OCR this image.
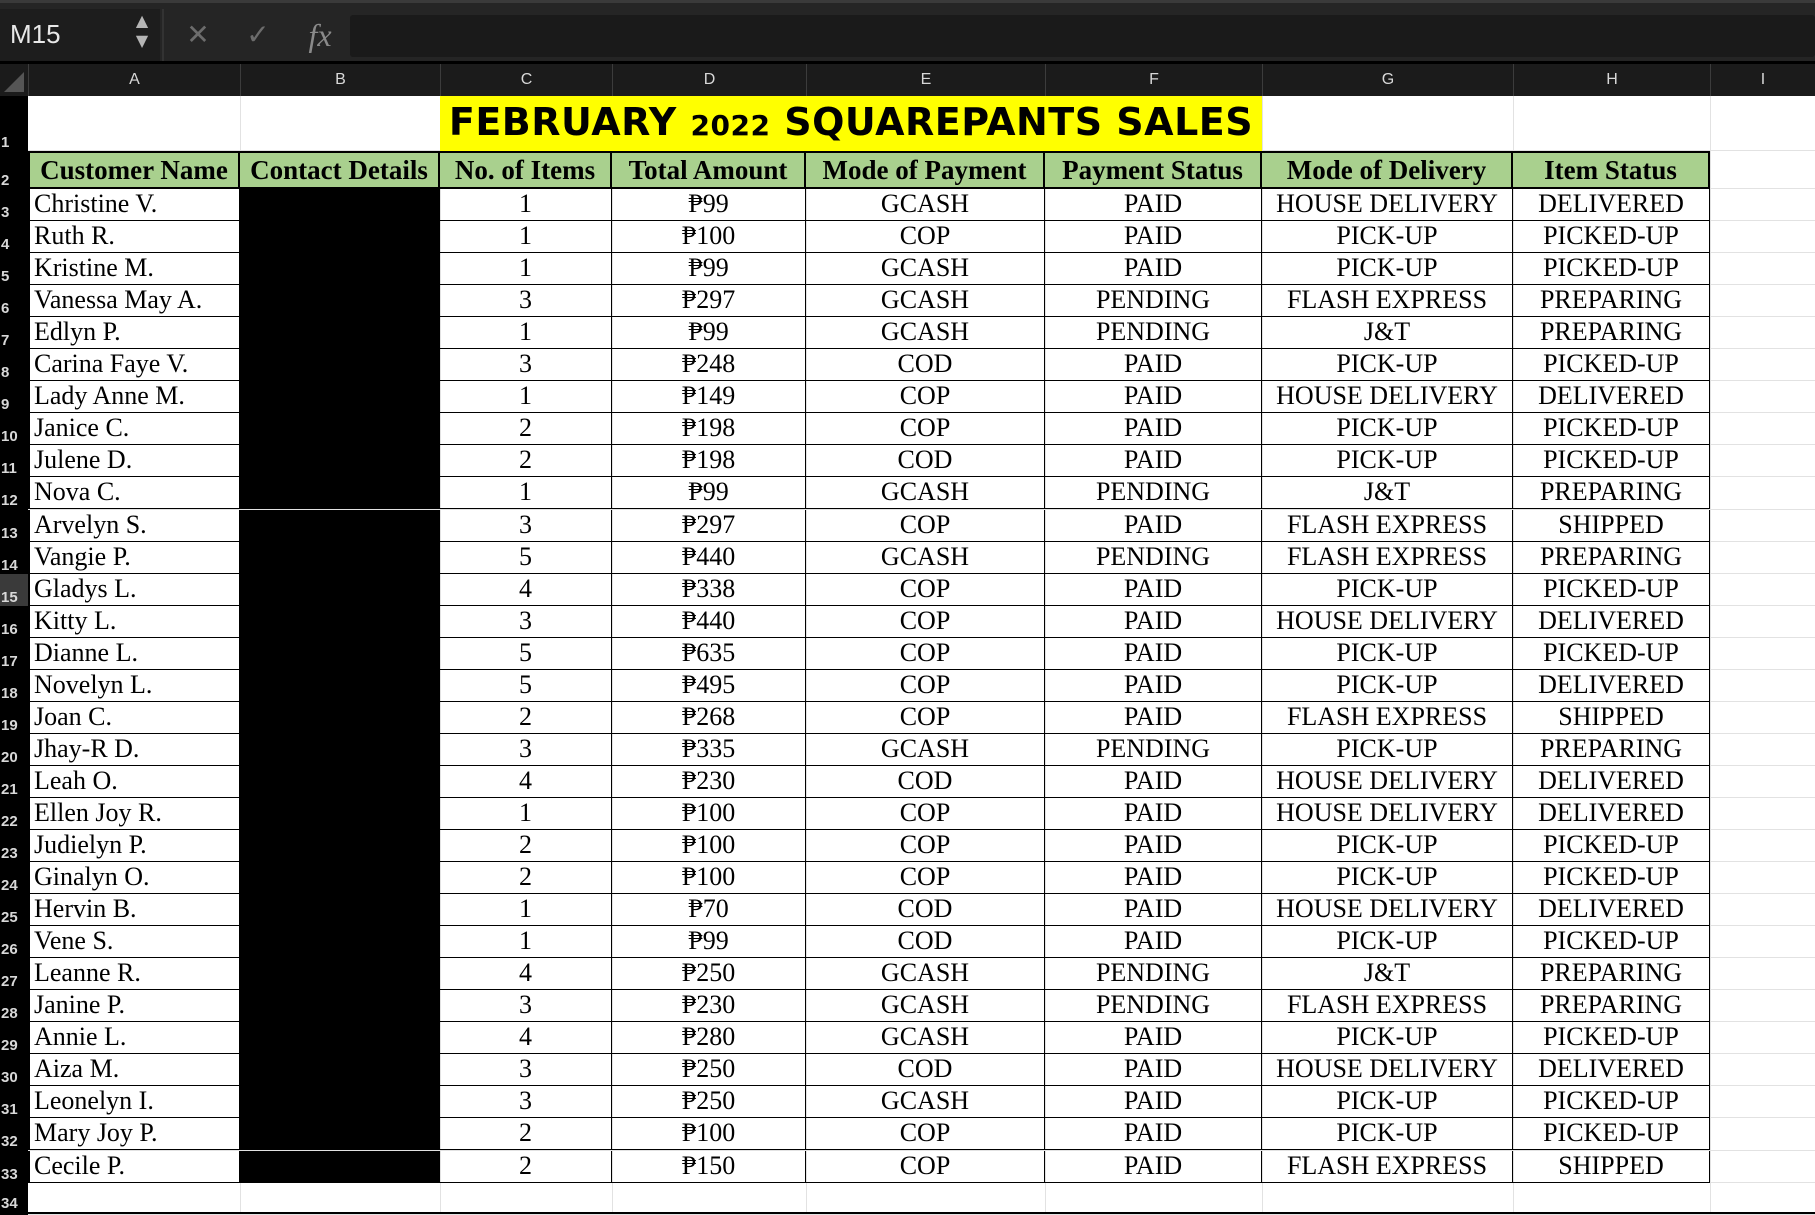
M15	▲
▼	✕	✓	fx
A	B	C	D	E	F	G	H	I
1
2
3
4
5
6
7
8
9
10
11
12
13
14
15
16
17
18
19
20
21
22
23
24
25
26
27
28
29
30
31
32
33
34
FEBRUARY 2022 SQUAREPANTS SALES
Customer Name Contact Details	No. of Items	Total Amount	Mode of Payment	Payment Status	Mode of Delivery	Item Status
Christine V.	1	₱99	GCASH	PAID	HOUSE DELIVERY	DELIVERED
Ruth R.	1	₱100	COP	PAID	PICK-UP	PICKED-UP
Kristine M.	1	₱99	GCASH	PAID	PICK-UP	PICKED-UP
Vanessa May A.	3	₱297	GCASH	PENDING	FLASH EXPRESS	PREPARING
Edlyn P.	1	₱99	GCASH	PENDING	J&T	PREPARING
Carina Faye V.	3	₱248	COD	PAID	PICK-UP	PICKED-UP
Lady Anne M.	1	₱149	COP	PAID	HOUSE DELIVERY	DELIVERED
Janice C.	2	₱198	COP	PAID	PICK-UP	PICKED-UP
Julene D.	2	₱198	COD	PAID	PICK-UP	PICKED-UP
Nova C.	1	₱99	GCASH	PENDING	J&T	PREPARING
Arvelyn S.	3	₱297	COP	PAID	FLASH EXPRESS	SHIPPED
Vangie P.	5	₱440	GCASH	PENDING	FLASH EXPRESS	PREPARING
Gladys L.	4	₱338	COP	PAID	PICK-UP	PICKED-UP
Kitty L.	3	₱440	COP	PAID	HOUSE DELIVERY	DELIVERED
Dianne L.	5	₱635	COP	PAID	PICK-UP	PICKED-UP
Novelyn L.	5	₱495	COP	PAID	PICK-UP	DELIVERED
Joan C.	2	₱268	COP	PAID	FLASH EXPRESS	SHIPPED
Jhay-R D.	3	₱335	GCASH	PENDING	PICK-UP	PREPARING
Leah O.	4	₱230	COD	PAID	HOUSE DELIVERY	DELIVERED
Ellen Joy R.	1	₱100	COP	PAID	HOUSE DELIVERY	DELIVERED
Judielyn P.	2	₱100	COP	PAID	PICK-UP	PICKED-UP
Ginalyn O.	2	₱100	COP	PAID	PICK-UP	PICKED-UP
Hervin B.	1	₱70	COD	PAID	HOUSE DELIVERY	DELIVERED
Vene S.	1	₱99	COD	PAID	PICK-UP	PICKED-UP
Leanne R.	4	₱250	GCASH	PENDING	J&T	PREPARING
Janine P.	3	₱230	GCASH	PENDING	FLASH EXPRESS	PREPARING
Annie L.	4	₱280	GCASH	PAID	PICK-UP	PICKED-UP
Aiza M.	3	₱250	COD	PAID	HOUSE DELIVERY	DELIVERED
Leonelyn I.	3	₱250	GCASH	PAID	PICK-UP	PICKED-UP
Mary Joy P.	2	₱100	COP	PAID	PICK-UP	PICKED-UP
Cecile P.	2	₱150	COP	PAID	FLASH EXPRESS	SHIPPED
